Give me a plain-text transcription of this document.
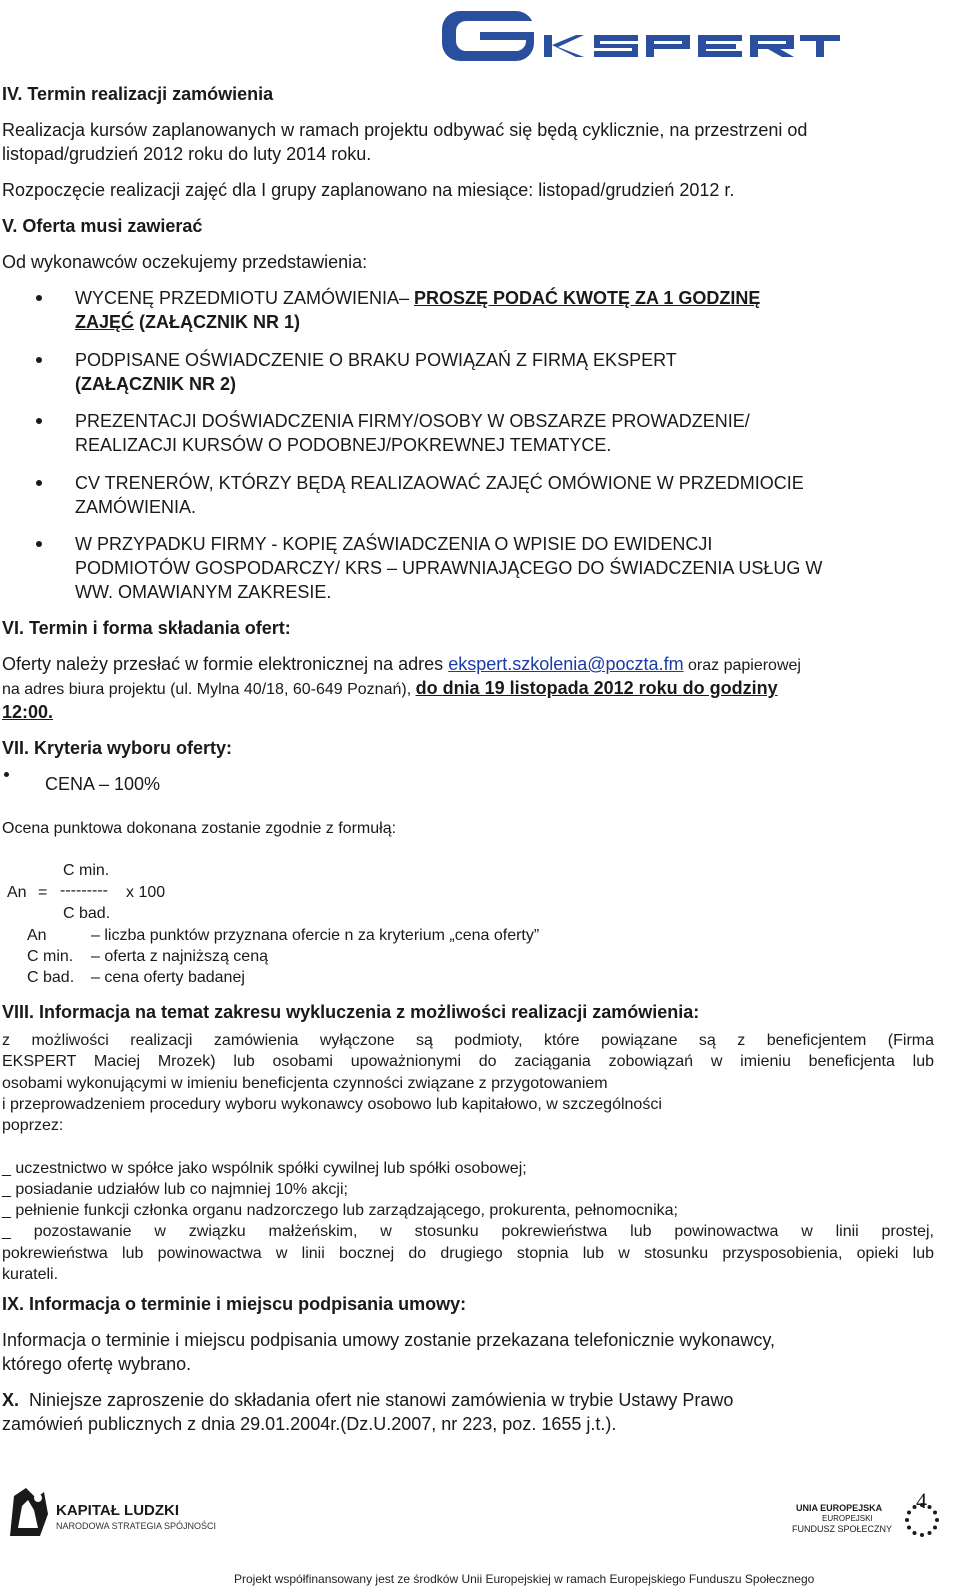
IV. Termin realizacji zamówienia
Realizacja kursów zaplanowanych w ramach projektu odbywać się będą cyklicznie, na przestrzeni od
listopad/grudzień 2012 roku do luty 2014 roku.
Rozpoczęcie realizacji zajęć dla I grupy zaplanowano na miesiące: listopad/grudzień 2012 r.
V. Oferta musi zawierać
Od wykonawców oczekujemy przedstawienia:
WYCENĘ PRZEDMIOTU ZAMÓWIENIA– PROSZĘ PODAĆ KWOTĘ ZA 1 GODZINĘ
ZAJĘĆ (ZAŁĄCZNIK NR 1)
PODPISANE OŚWIADCZENIE O BRAKU POWIĄZAŃ Z FIRMĄ EKSPERT
(ZAŁĄCZNIK NR 2)
PREZENTACJI DOŚWIADCZENIA FIRMY/OSOBY W OBSZARZE PROWADZENIE/
REALIZACJI KURSÓW O PODOBNEJ/POKREWNEJ TEMATYCE.
CV TRENERÓW, KTÓRZY BĘDĄ REALIZAOWAĆ ZAJĘĆ OMÓWIONE W PRZEDMIOCIE
ZAMÓWIENIA.
W PRZYPADKU FIRMY - KOPIĘ ZAŚWIADCZENIA O WPISIE DO EWIDENCJI
PODMIOTÓW GOSPODARCZY/ KRS – UPRAWNIAJĄCEGO DO ŚWIADCZENIA USŁUG W
WW. OMAWIANYM ZAKRESIE.
VI. Termin i forma składania ofert:
Oferty należy przesłać w formie elektronicznej na adres ekspert.szkolenia@poczta.fm oraz papierowej
na adres biura projektu (ul. Mylna 40/18, 60-649 Poznań), do dnia 19 listopada 2012 roku do godziny
12:00.
VII. Kryteria wyboru oferty:
CENA – 100%
Ocena punktowa dokonana zostanie zgodnie z formułą:
C min.
An = --------- x 100
C bad.
An	– liczba punktów przyznana ofercie n za kryterium „cena oferty”
C min. – oferta z najniższą ceną
C bad. – cena oferty badanej
VIII. Informacja na temat zakresu wykluczenia z możliwości realizacji zamówienia:
z możliwości realizacji zamówienia wyłączone są podmioty, które powiązane są z beneficjentem (Firma
EKSPERT Maciej Mrozek) lub osobami upoważnionymi do zaciągania zobowiązań w imieniu beneficjenta lub
osobami wykonującymi w imieniu beneficjenta czynności związane z przygotowaniem
i przeprowadzeniem procedury wyboru wykonawcy osobowo lub kapitałowo, w szczególności
poprzez:
_ uczestnictwo w spółce jako wspólnik spółki cywilnej lub spółki osobowej;
_ posiadanie udziałów lub co najmniej 10% akcji;
_ pełnienie funkcji członka organu nadzorczego lub zarządzającego, prokurenta, pełnomocnika;
_ pozostawanie w związku małżeńskim, w stosunku pokrewieństwa lub powinowactwa w linii prostej,
pokrewieństwa lub powinowactwa w linii bocznej do drugiego stopnia lub w stosunku przysposobienia, opieki lub
kurateli.
IX. Informacja o terminie i miejscu podpisania umowy:
Informacja o terminie i miejscu podpisania umowy zostanie przekazana telefonicznie wykonawcy,
którego ofertę wybrano.
X. Niniejsze zaproszenie do składania ofert nie stanowi zamówienia w trybie Ustawy Prawo
zamówień publicznych z dnia 29.01.2004r.(Dz.U.2007, nr 223, poz. 1655 j.t.).
KAPITAŁ LUDZKI
NARODOWA STRATEGIA SPÓJNOŚCI
UNIA EUROPEJSKA
EUROPEJSKI
FUNDUSZ SPOŁECZNY
4
Projekt współfinansowany jest ze środków Unii Europejskiej w ramach Europejskiego Funduszu Społecznego
